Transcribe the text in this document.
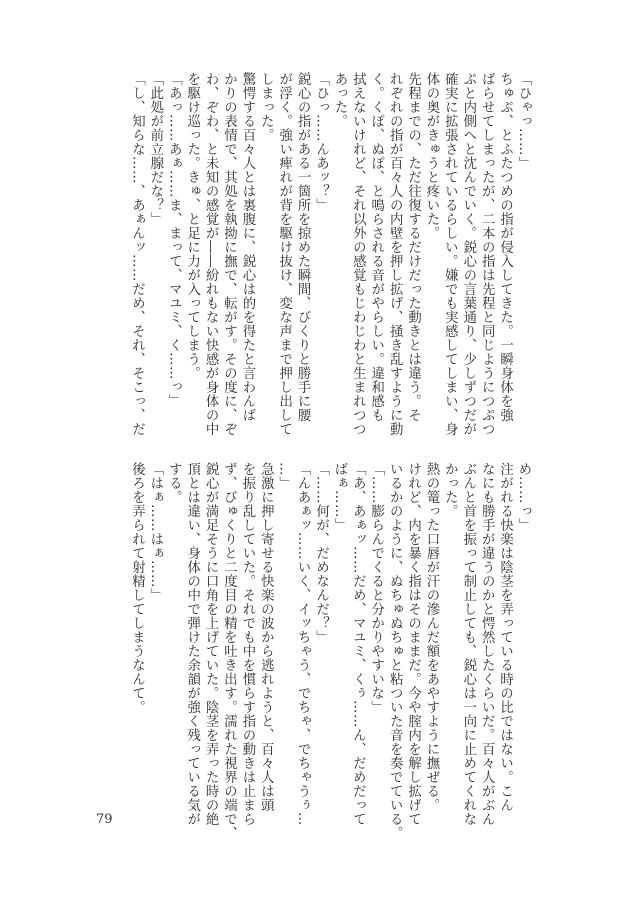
「ひゃっ……」
ちゅぷ、とふたつめの指が侵入してきた。一瞬身体を強
ばらせてしまったが、二本の指は先程と同じようにつぷつ
ぷと内側へと沈んでいく。鋭心の言葉通り、少しずつだが
確実に拡張されているらしい。嫌でも実感してしまい、身
体の奥がきゅうと疼いた。
先程までの、ただ往復するだけだった動きとは違う。そ
れぞれの指が百々人の内壁を押し拡げ、掻き乱すように動
く。くぽ、ぬぽ、と鳴らされる音がやらしい。違和感も
拭えないけれど、それ以外の感覚もじわじわと生まれつつ
あった。
「ひっ……んあッ？」
鋭心の指がある一箇所を掠めた瞬間、びくりと勝手に腰
が浮く。強い痺れが背を駆け抜け、変な声まで押し出して
しまった。
驚愕する百々人とは裏腹に、鋭心は的を得たと言わんば
かりの表情で、其処を執拗に撫で、転がす。その度に、ぞ
わ、ぞわ、と未知の感覚が――紛れもない快感が身体の中
を駆け巡った。きゅ、と足に力が入ってしまう。
「あっ……あぁ……ま、まって、マユミ、く……っ」
「此処が前立腺だな？」
「し、知らな……、あぁんッ……だめ、それ、そこっ、だ
め……っ」
注がれる快楽は陰茎を弄っている時の比ではない。こん
なにも勝手が違うのかと愕然したくらいだ。百々人がぶん
ぶんと首を振って制止しても、鋭心は一向に止めてくれな
かった。
熱の篭った口唇が汗の滲んだ額をあやすように撫ぜる。
けれど、内を暴く指はそのままだ。今や腟内を解し拡げて
いるかのように、ぬちゅぬちゅと粘ついた音を奏でている。
「……膨らんでくると分かりやすいな」
「あ、あぁッ……だめ、マユミ、くぅ……ん、だめだって
ばぁ……」
「……何が、だめなんだ？」
「んあぁッ……いく、イッちゃう、でちゃ、でちゃうぅ…
…」
急激に押し寄せる快楽の波から逃れようと、百々人は頭
を振り乱していた。それでも中を慣らす指の動きは止まら
ず、びゅくりと二度目の精を吐き出す。濡れた視界の端で、
鋭心が満足そうに口角を上げていた。陰茎を弄った時の絶
頂とは違い、身体の中で弾けた余韻が強く残っている気が
する。
「はぁ……はぁ……」
後ろを弄られて射精してしまうなんて。
79
